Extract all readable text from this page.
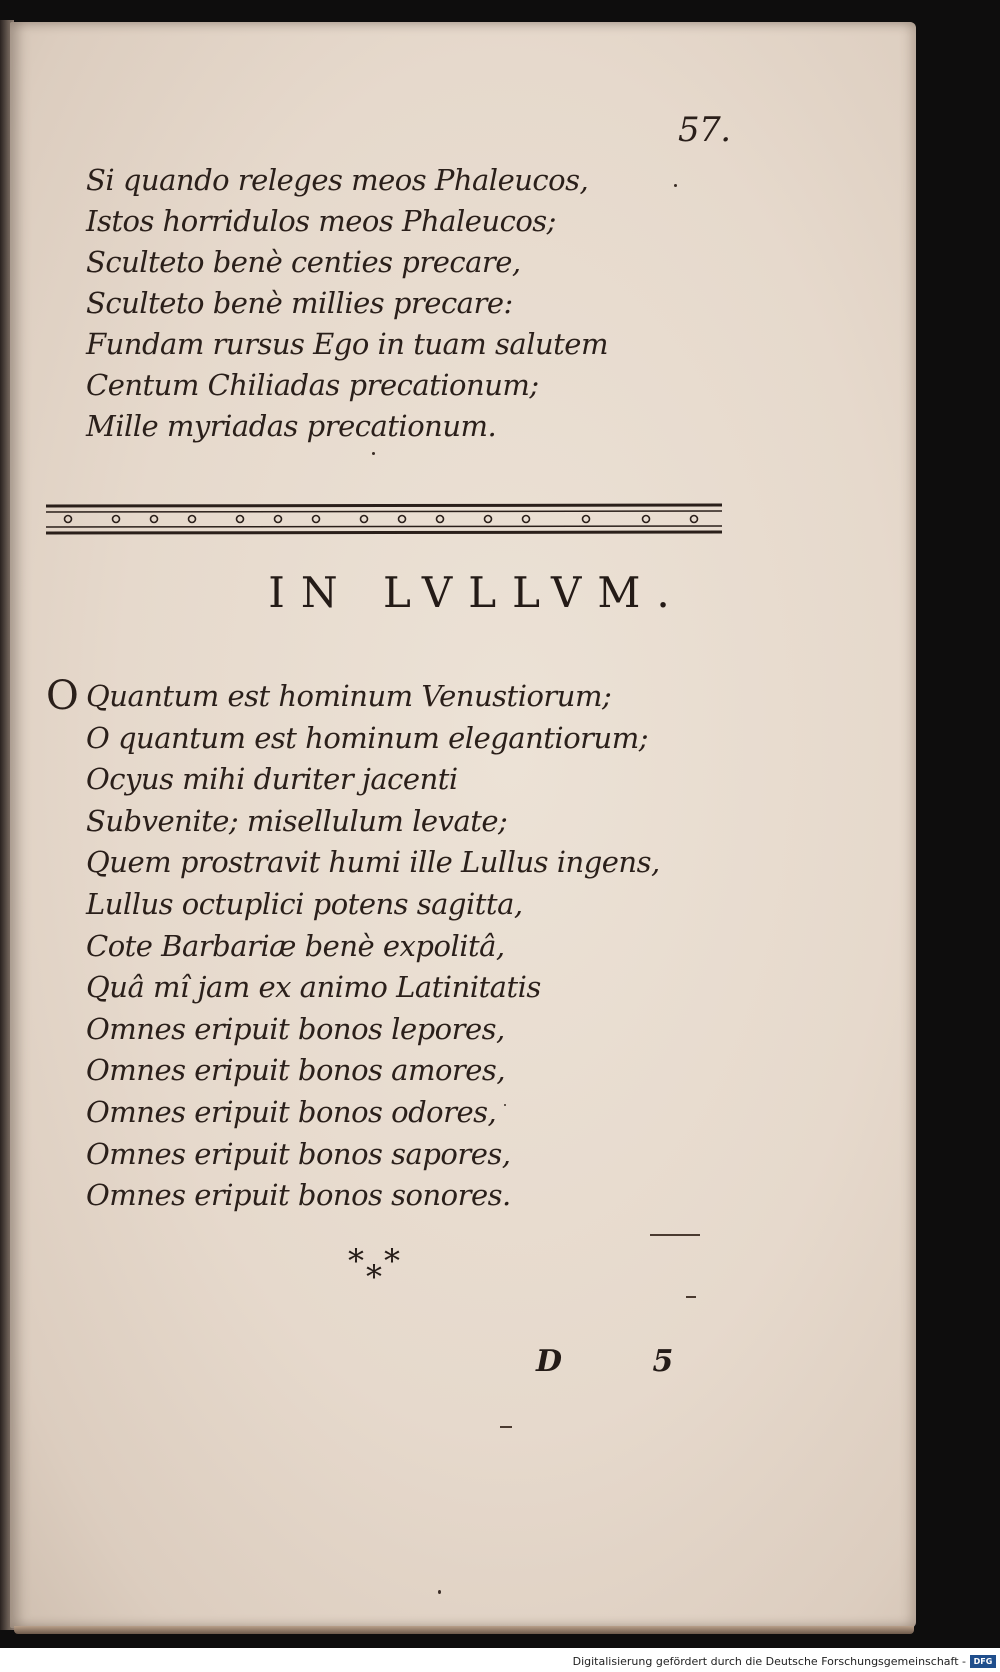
57.
Si quando releges meos Phaleucos,
Istos horridulos meos Phaleucos;
Sculteto benè centies precare,
Sculteto benè millies precare:
Fundam rursus Ego in tuam salutem
Centum Chiliadas precationum;
Mille myriadas precationum.
IN LVLLVM.
O Quantum est hominum Venustiorum;
O quantum est hominum elegantiorum;
Ocyus mihi duriter jacenti
Subvenite; misellulum levate;
Quem prostravit humi ille Lullus ingens,
Lullus octuplici potens sagitta,
Cote Barbariæ benè expolitâ,
Quâ mî jam ex animo Latinitatis
Omnes eripuit bonos lepores,
Omnes eripuit bonos amores,
Omnes eripuit bonos odores,
Omnes eripuit bonos sapores,
Omnes eripuit bonos sonores.
* *
*
D 5
Digitalisierung gefördert durch die Deutsche Forschungsgemeinschaft - DFG
